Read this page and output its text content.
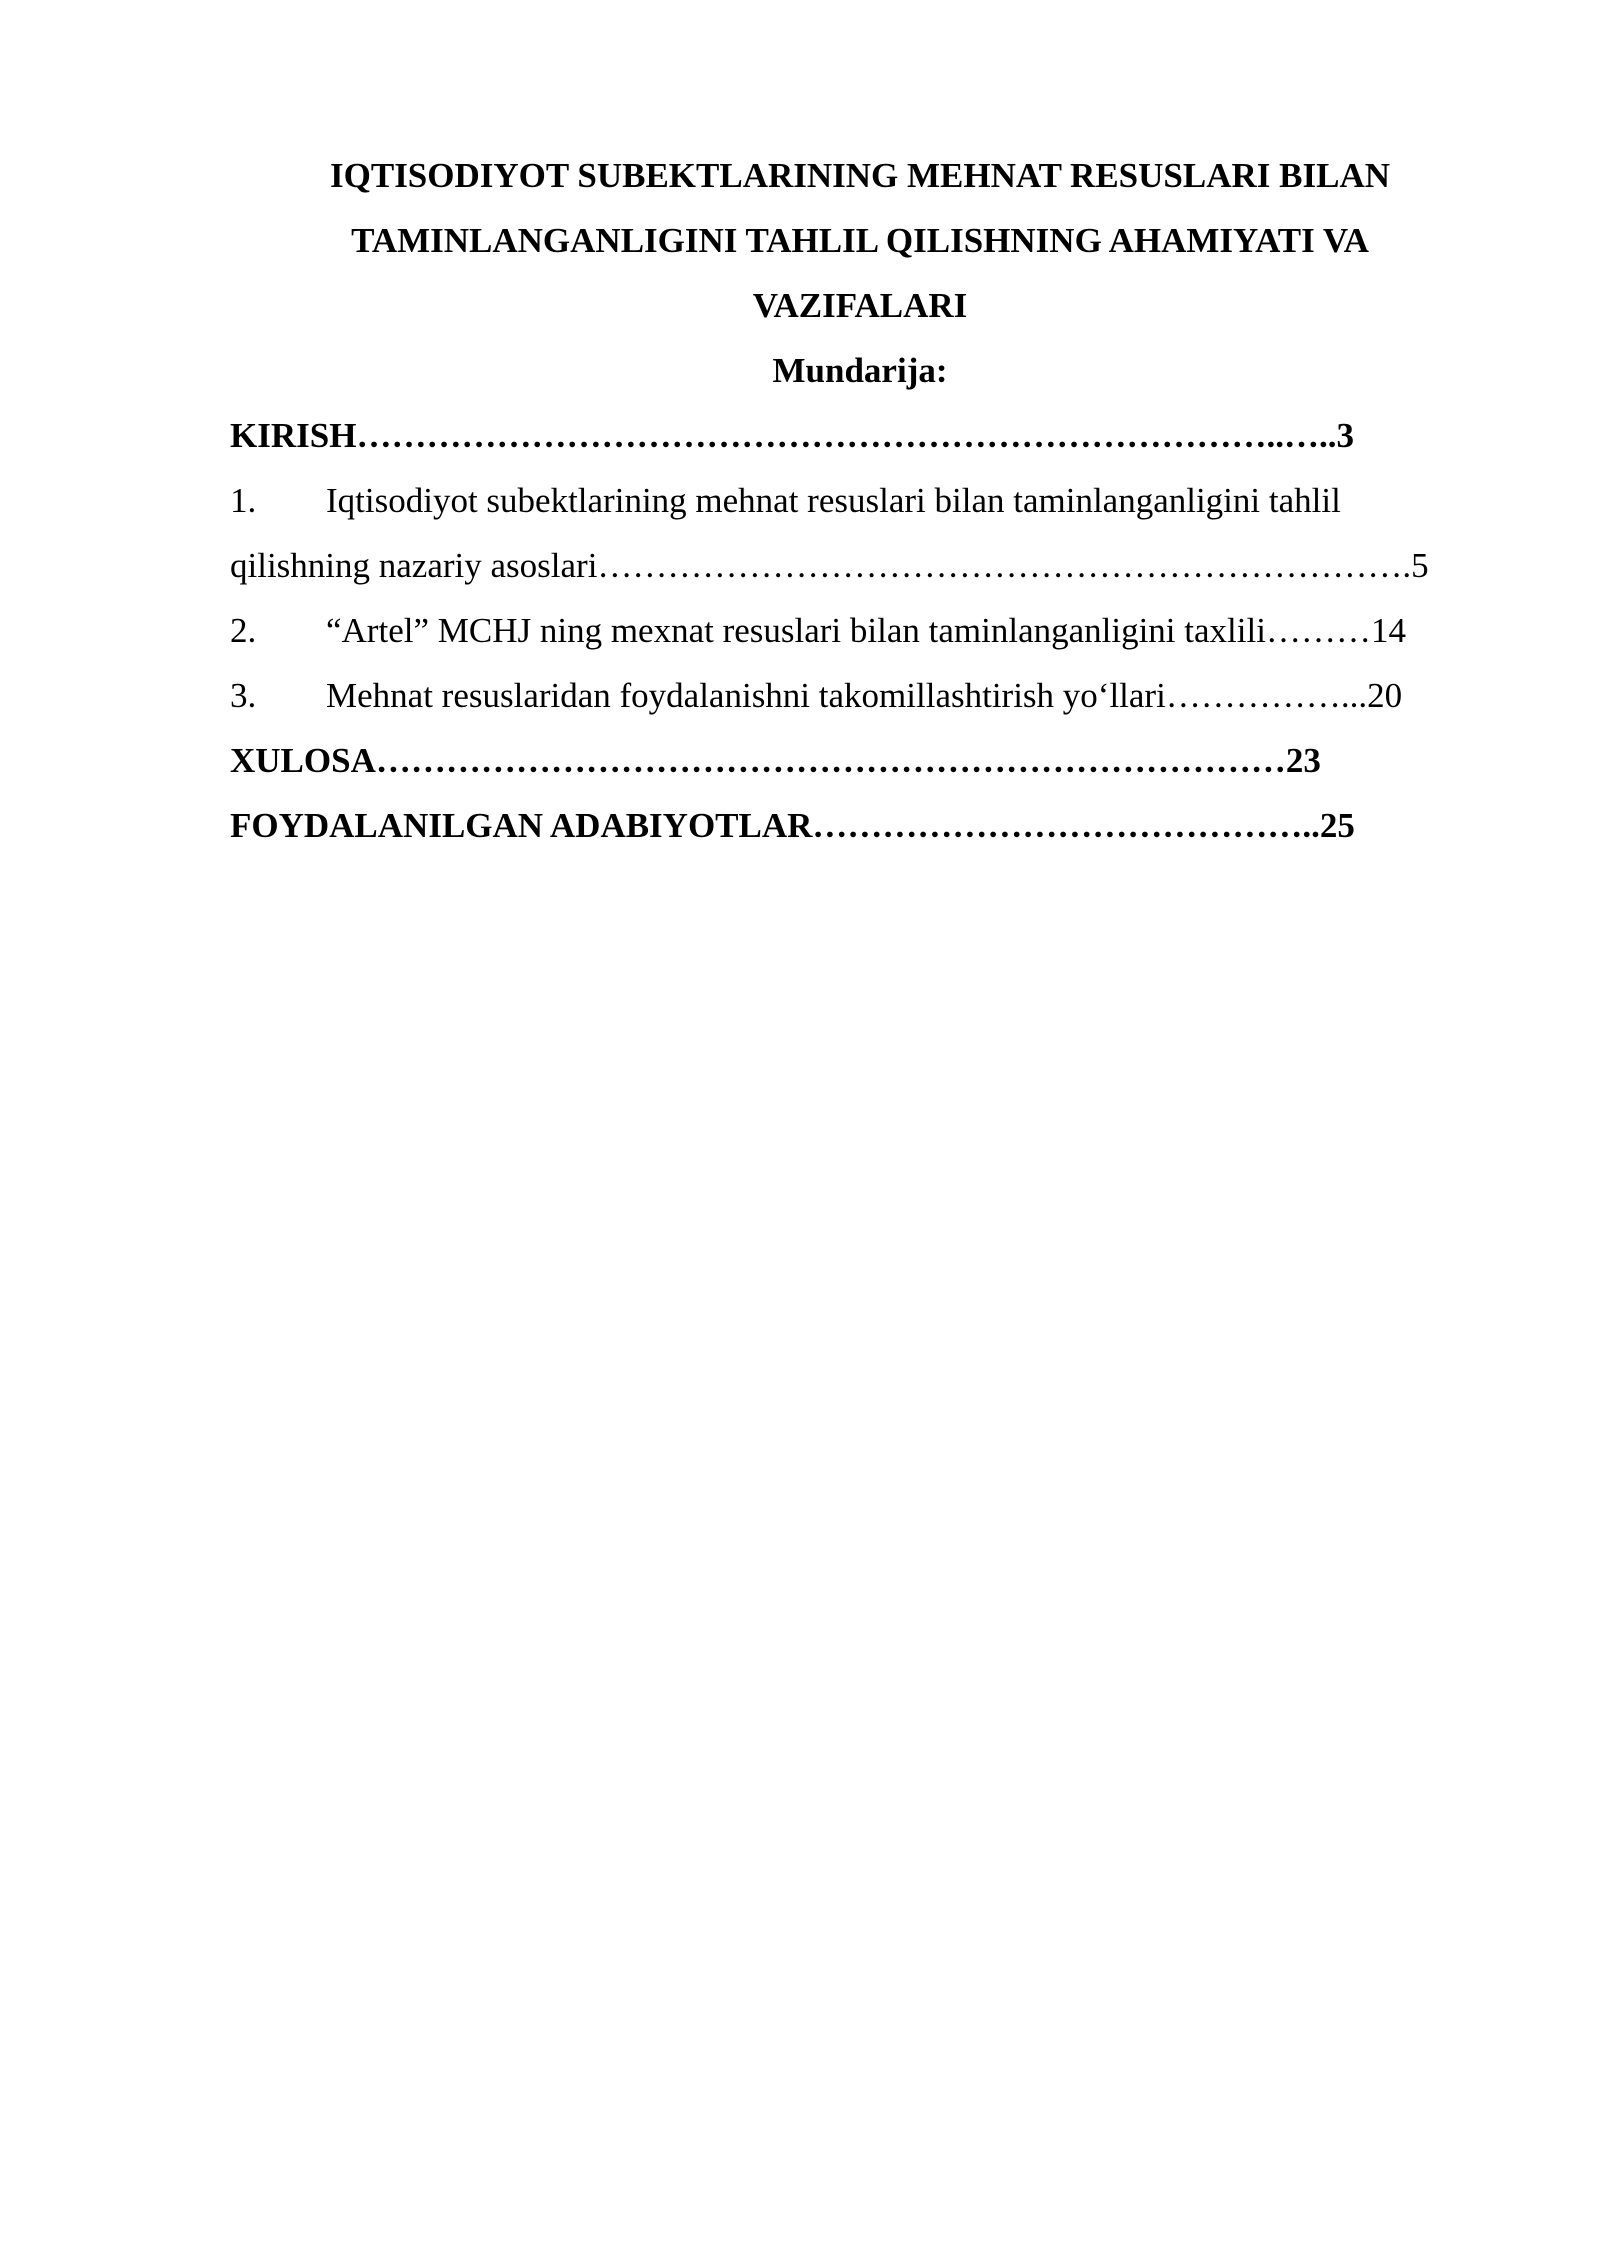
IQTISODIYOT SUBEKTLARINING MEHNAT RESUSLARI BILAN
TAMINLANGANLIGINI TAHLIL QILISHNING AHAMIYATI VA
VAZIFALARI
Mundarija:
KIRISH……………………………………………………………………..…..3
1. Iqtisodiyot subektlarining mehnat resuslari bilan taminlanganligini tahlil
qilishning nazariy asoslari…………………………………………………………….5
2. “Artel” MCHJ ning mexnat resuslari bilan taminlanganligini taxlili………14
3. Mehnat resuslaridan foydalanishni takomillashtirish yo‘llari……………...20
XULOSA……………………………………………………………………23
FOYDALANILGAN ADABIYOTLAR……………………………………..25
